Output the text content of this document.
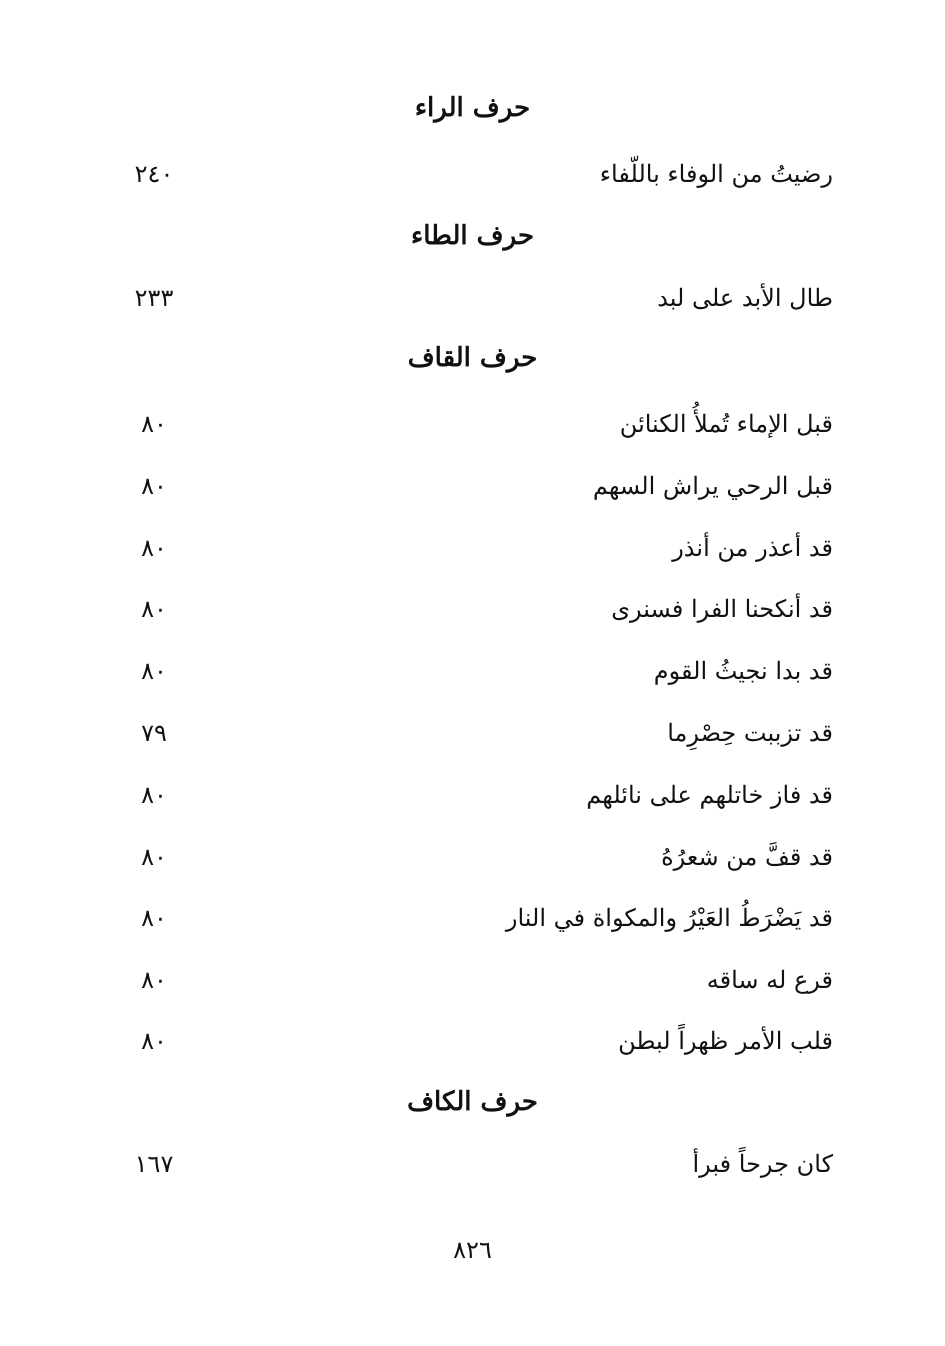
حرف الراء
رضيتُ من الوفاء باللّفاء
٢٤٠
حرف الطاء
طال الأبد على لبد
٢٣٣
حرف القاف
قبل الإماء تُملأُ الكنائن
٨٠
قبل الرحي يراش السهم
٨٠
قد أعذر من أنذر
٨٠
قد أنكحنا الفرا فسنرى
٨٠
قد بدا نجيثُ القوم
٨٠
قد تزببت حِصْرِما
٧٩
قد فاز خاتلهم على نائلهم
٨٠
قد قفَّ من شعرُهُ
٨٠
قد يَضْرَطُ العَيْرُ والمكواة في النار
٨٠
قرع له ساقه
٨٠
قلب الأمر ظهراً لبطن
٨٠
حرف الكاف
كان جرحاً فبرأ
١٦٧
٨٢٦
